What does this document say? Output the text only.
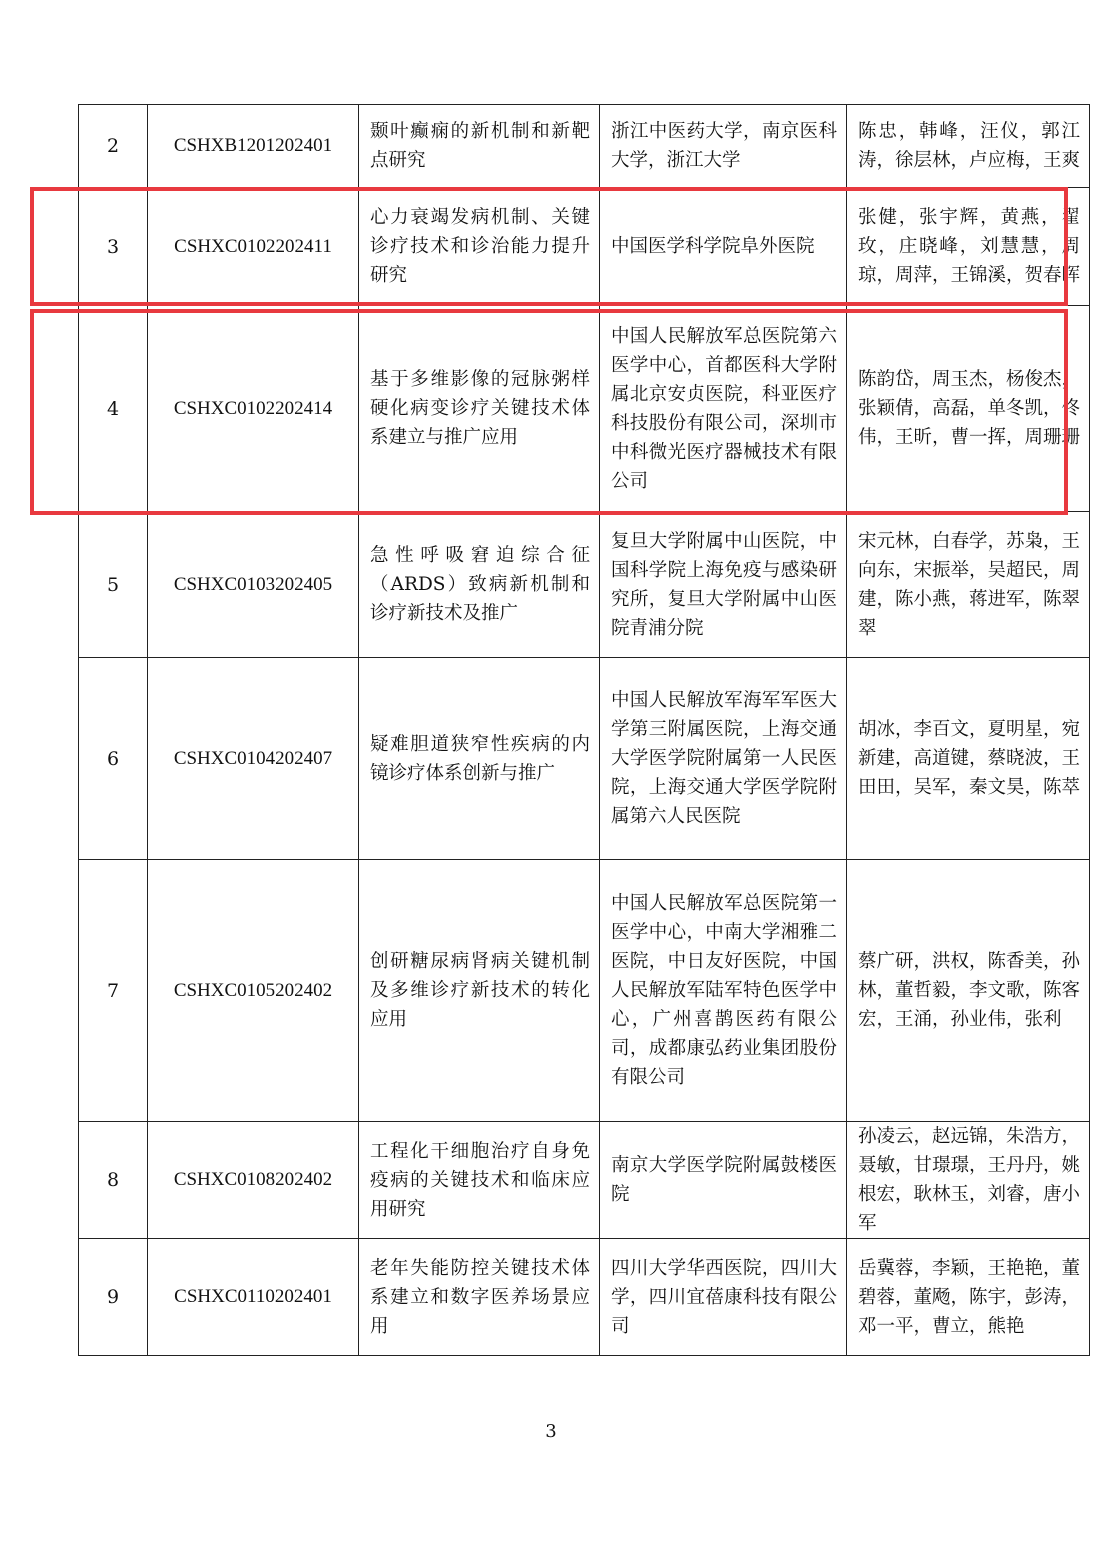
2	CSHXB1201202401	颞叶癫痫的新机制和新靶点研究	浙江中医药大学，南京医科大学，浙江大学	陈忠，韩峰，汪仪，郭江涛，徐层林，卢应梅，王爽
3	CSHXC0102202411	心力衰竭发病机制、关键诊疗技术和诊治能力提升研究	中国医学科学院阜外医院	张健，张宇辉，黄燕，翟玫，庄晓峰，刘慧慧，周琼，周萍，王锦溪，贺春晖
4	CSHXC0102202414	基于多维影像的冠脉粥样硬化病变诊疗关键技术体系建立与推广应用	中国人民解放军总医院第六医学中心，首都医科大学附属北京安贞医院，科亚医疗科技股份有限公司，深圳市中科微光医疗器械技术有限公司	陈韵岱，周玉杰，杨俊杰，张颖倩，高磊，单冬凯，佟伟，王昕，曹一挥，周珊珊
5	CSHXC0103202405	急性呼吸窘迫综合征（ARDS）致病新机制和诊疗新技术及推广	复旦大学附属中山医院，中国科学院上海免疫与感染研究所，复旦大学附属中山医院青浦分院	宋元林，白春学，苏枭，王向东，宋振举，吴超民，周建，陈小燕，蒋进军，陈翠翠
6	CSHXC0104202407	疑难胆道狭窄性疾病的内镜诊疗体系创新与推广	中国人民解放军海军军医大学第三附属医院，上海交通大学医学院附属第一人民医院，上海交通大学医学院附属第六人民医院	胡冰，李百文，夏明星，宛新建，高道键，蔡晓波，王田田，吴军，秦文昊，陈萃
7	CSHXC0105202402	创研糖尿病肾病关键机制及多维诊疗新技术的转化应用	中国人民解放军总医院第一医学中心，中南大学湘雅二医院，中日友好医院，中国人民解放军陆军特色医学中心，广州喜鹊医药有限公司，成都康弘药业集团股份有限公司	蔡广研，洪权，陈香美，孙林，董哲毅，李文歌，陈客宏，王涌，孙业伟，张利
8	CSHXC0108202402	工程化干细胞治疗自身免疫病的关键技术和临床应用研究	南京大学医学院附属鼓楼医院	孙凌云，赵远锦，朱浩方，聂敏，甘璟璟，王丹丹，姚根宏，耿林玉，刘睿，唐小军
9	CSHXC0110202401	老年失能防控关键技术体系建立和数字医养场景应用	四川大学华西医院，四川大学，四川宜蓓康科技有限公司	岳冀蓉，李颖，王艳艳，董碧蓉，董飏，陈宇，彭涛，邓一平，曹立，熊艳
3
